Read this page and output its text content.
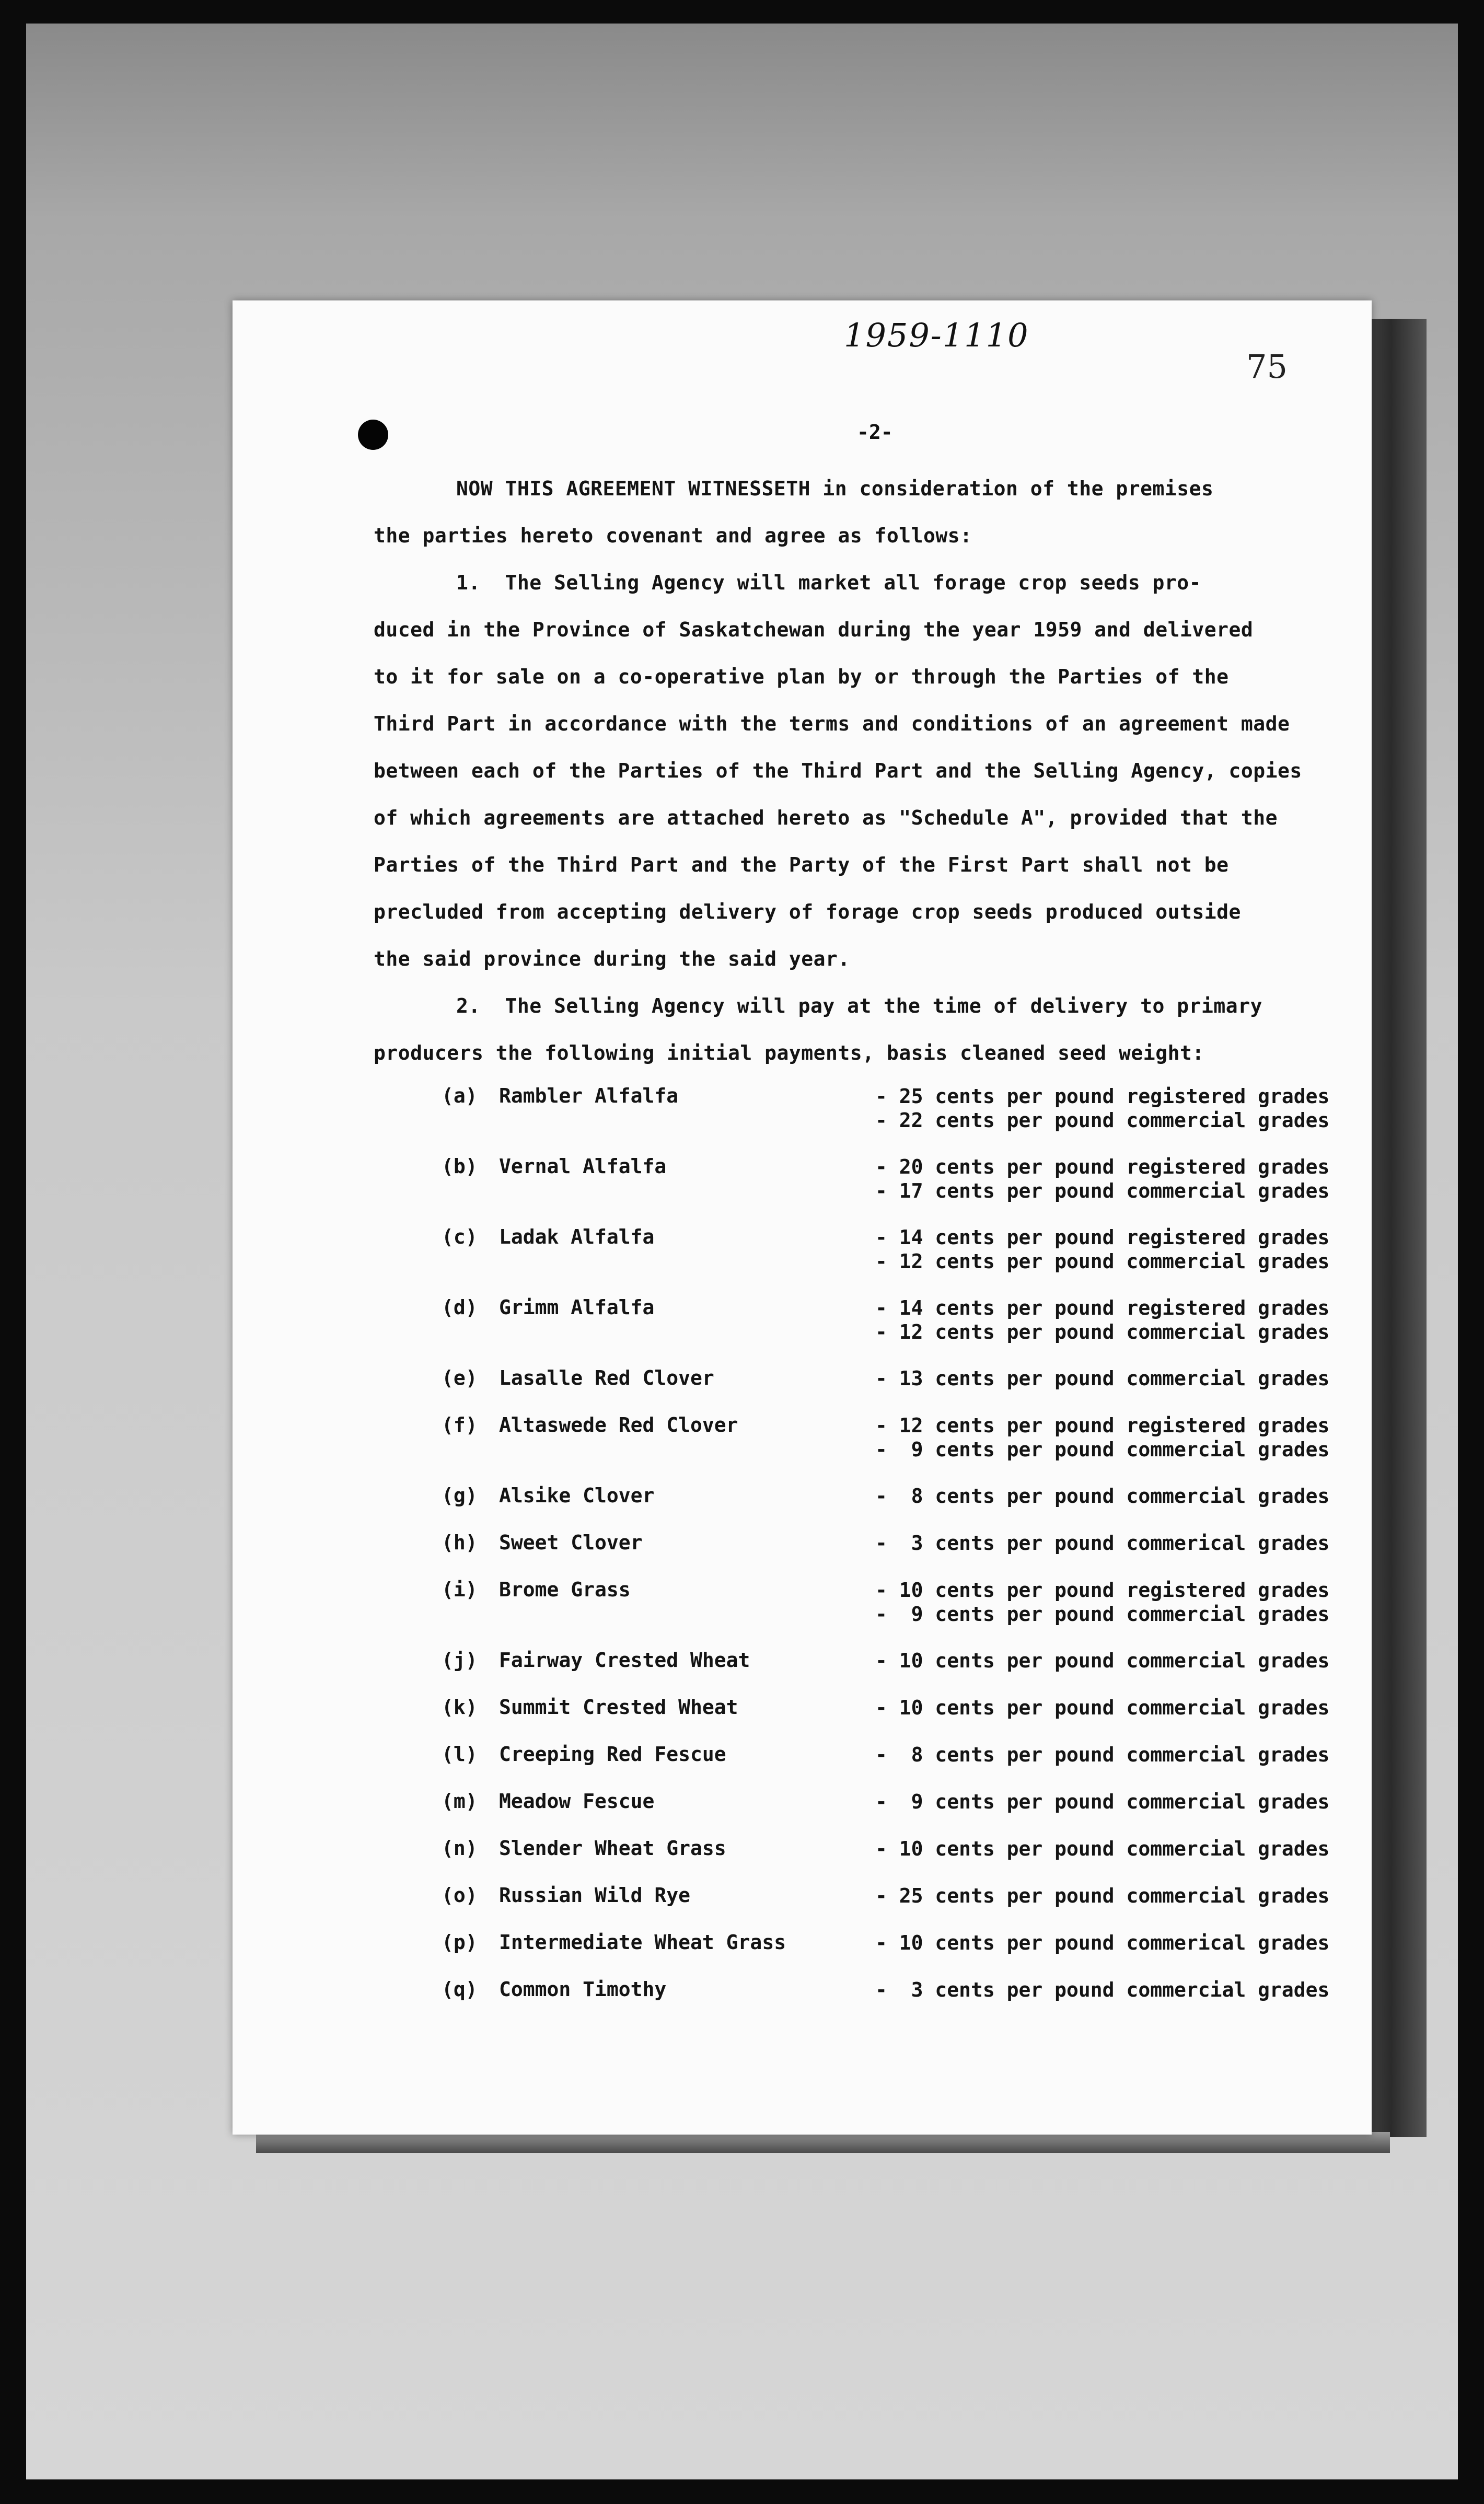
1959-1110
75
-2-
NOW THIS AGREEMENT WITNESSETH in consideration of the premises
the parties hereto covenant and agree as follows:
1.  The Selling Agency will market all forage crop seeds pro-
duced in the Province of Saskatchewan during the year 1959 and delivered
to it for sale on a co-operative plan by or through the Parties of the
Third Part in accordance with the terms and conditions of an agreement made
between each of the Parties of the Third Part and the Selling Agency, copies
of which agreements are attached hereto as "Schedule A", provided that the
Parties of the Third Part and the Party of the First Part shall not be
precluded from accepting delivery of forage crop seeds produced outside
the said province during the said year.
2.  The Selling Agency will pay at the time of delivery to primary
producers the following initial payments, basis cleaned seed weight:
(a) Rambler Alfalfa	- 25 cents per pound registered grades
- 22 cents per pound commercial grades
(b) Vernal Alfalfa	- 20 cents per pound registered grades
- 17 cents per pound commercial grades
(c) Ladak Alfalfa	- 14 cents per pound registered grades
- 12 cents per pound commercial grades
(d) Grimm Alfalfa	- 14 cents per pound registered grades
- 12 cents per pound commercial grades
(e) Lasalle Red Clover	- 13 cents per pound commercial grades
(f) Altaswede Red Clover	- 12 cents per pound registered grades
-  9 cents per pound commercial grades
(g) Alsike Clover	-  8 cents per pound commercial grades
(h) Sweet Clover	-  3 cents per pound commerical grades
(i) Brome Grass	- 10 cents per pound registered grades
-  9 cents per pound commercial grades
(j) Fairway Crested Wheat	- 10 cents per pound commercial grades
(k) Summit Crested Wheat	- 10 cents per pound commercial grades
(l) Creeping Red Fescue	-  8 cents per pound commercial grades
(m) Meadow Fescue	-  9 cents per pound commercial grades
(n) Slender Wheat Grass	- 10 cents per pound commercial grades
(o) Russian Wild Rye	- 25 cents per pound commercial grades
(p) Intermediate Wheat Grass	- 10 cents per pound commerical grades
(q) Common Timothy	-  3 cents per pound commercial grades
